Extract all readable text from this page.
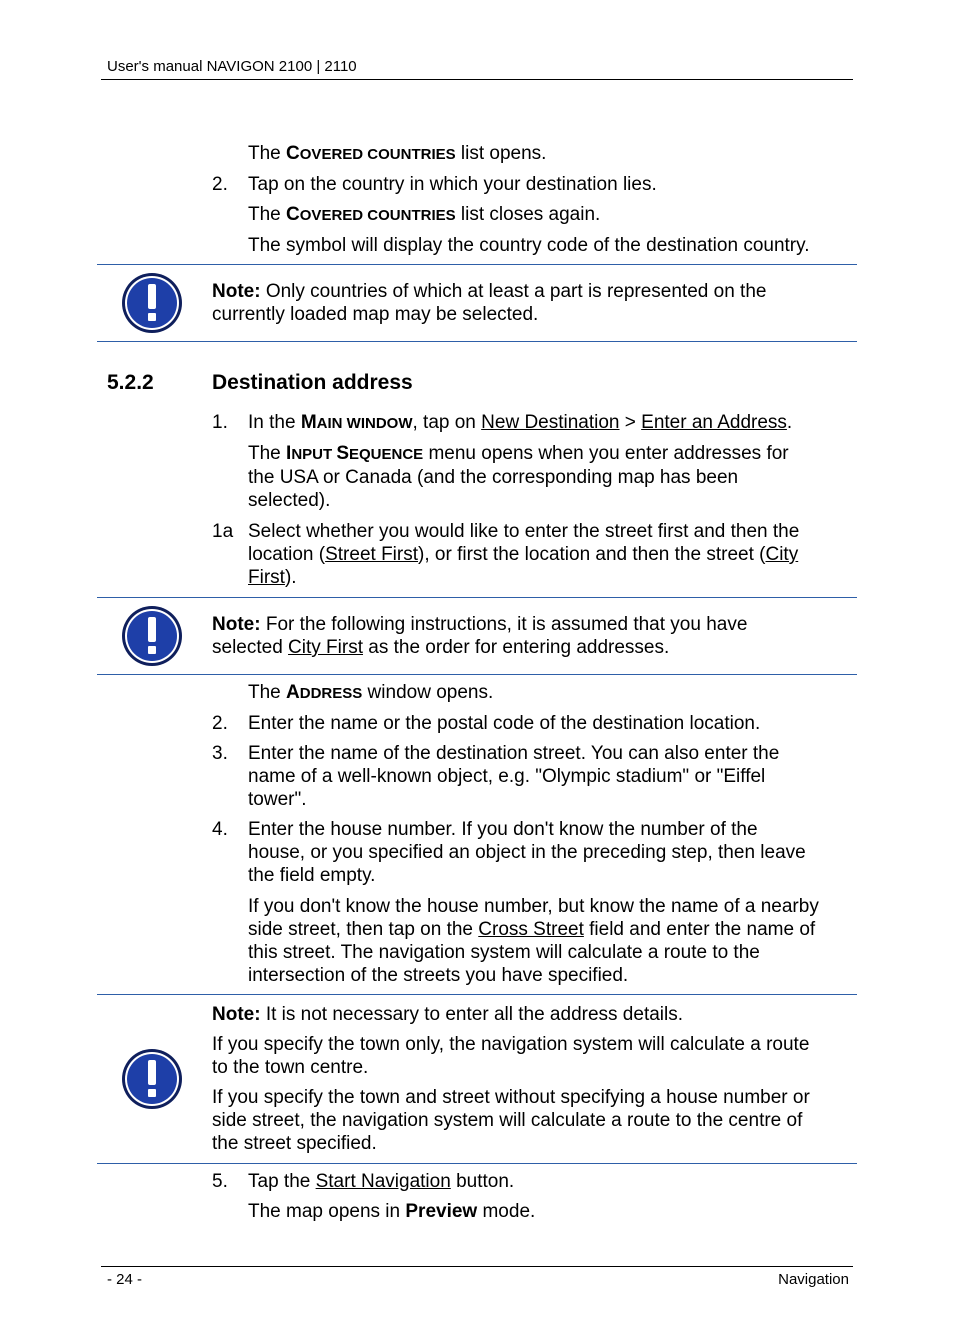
User's manual NAVIGON 2100 | 2110
The COVERED COUNTRIES list opens.
2. Tap on the country in which your destination lies.
The COVERED COUNTRIES list closes again.
The symbol will display the country code of the destination country.
Note: Only countries of which at least a part is represented on the
currently loaded map may be selected.
5.2.2	Destination address
1. In the MAIN WINDOW, tap on New Destination > Enter an Address.
The INPUT SEQUENCE menu opens when you enter addresses for
the USA or Canada (and the corresponding map has been
selected).
1a Select whether you would like to enter the street first and then the
location (Street First), or first the location and then the street (City
First).
Note: For the following instructions, it is assumed that you have
selected City First as the order for entering addresses.
The ADDRESS window opens.
2. Enter the name or the postal code of the destination location.
3. Enter the name of the destination street. You can also enter the
name of a well-known object, e.g. "Olympic stadium" or "Eiffel
tower".
4. Enter the house number. If you don't know the number of the
house, or you specified an object in the preceding step, then leave
the field empty.
If you don't know the house number, but know the name of a nearby
side street, then tap on the Cross Street field and enter the name of
this street. The navigation system will calculate a route to the
intersection of the streets you have specified.
Note: It is not necessary to enter all the address details.
If you specify the town only, the navigation system will calculate a route
to the town centre.
If you specify the town and street without specifying a house number or
side street, the navigation system will calculate a route to the centre of
the street specified.
5. Tap the Start Navigation button.
The map opens in Preview mode.
- 24 -	Navigation
